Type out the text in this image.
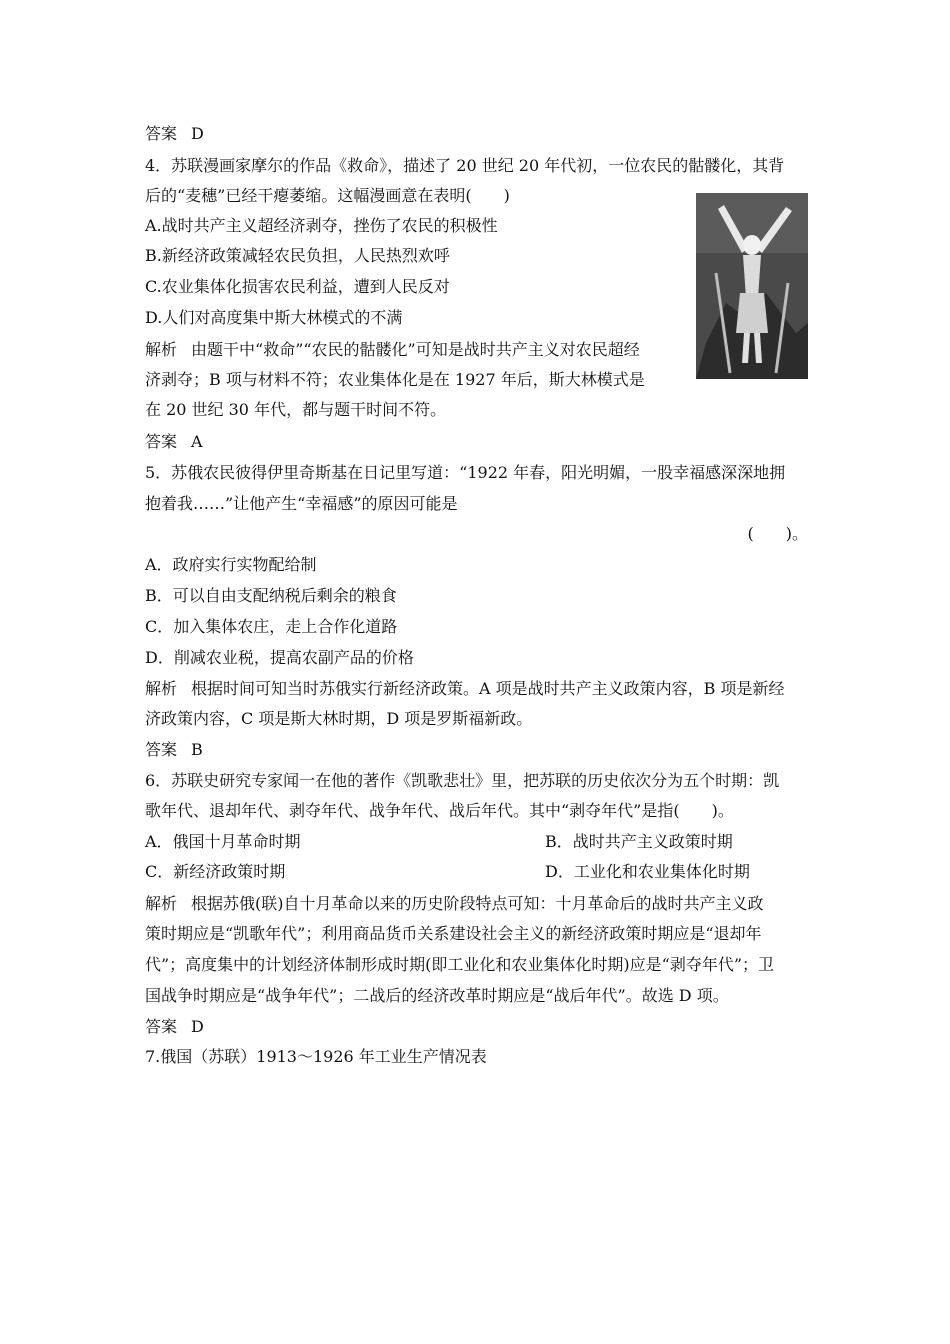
答案 D
4．苏联漫画家摩尔的作品《救命》，描述了 20 世纪 20 年代初，一位农民的骷髅化，其背
后的“麦穗”已经干瘪萎缩。这幅漫画意在表明(　　)
A.战时共产主义超经济剥夺，挫伤了农民的积极性
B.新经济政策减轻农民负担，人民热烈欢呼
C.农业集体化损害农民利益，遭到人民反对
D.人们对高度集中斯大林模式的不满
解析 由题干中“救命”“农民的骷髅化”可知是战时共产主义对农民超经
济剥夺；B 项与材料不符；农业集体化是在 1927 年后，斯大林模式是
在 20 世纪 30 年代，都与题干时间不符。
答案 A
5．苏俄农民彼得伊里奇斯基在日记里写道：“1922 年春，阳光明媚，一股幸福感深深地拥
抱着我……”让他产生“幸福感”的原因可能是
(　　)。
A．政府实行实物配给制
B．可以自由支配纳税后剩余的粮食
C．加入集体农庄，走上合作化道路
D．削减农业税，提高农副产品的价格
解析 根据时间可知当时苏俄实行新经济政策。A 项是战时共产主义政策内容，B 项是新经
济政策内容，C 项是斯大林时期，D 项是罗斯福新政。
答案 B
6．苏联史研究专家闻一在他的著作《凯歌悲壮》里，把苏联的历史依次分为五个时期：凯
歌年代、退却年代、剥夺年代、战争年代、战后年代。其中“剥夺年代”是指(　　)。
A．俄国十月革命时期	B．战时共产主义政策时期
C．新经济政策时期	D．工业化和农业集体化时期
解析 根据苏俄(联)自十月革命以来的历史阶段特点可知：十月革命后的战时共产主义政
策时期应是“凯歌年代”；利用商品货币关系建设社会主义的新经济政策时期应是“退却年
代”；高度集中的计划经济体制形成时期(即工业化和农业集体化时期)应是“剥夺年代”；卫
国战争时期应是“战争年代”；二战后的经济改革时期应是“战后年代”。故选 D 项。
答案 D
7.俄国（苏联）1913～1926 年工业生产情况表
